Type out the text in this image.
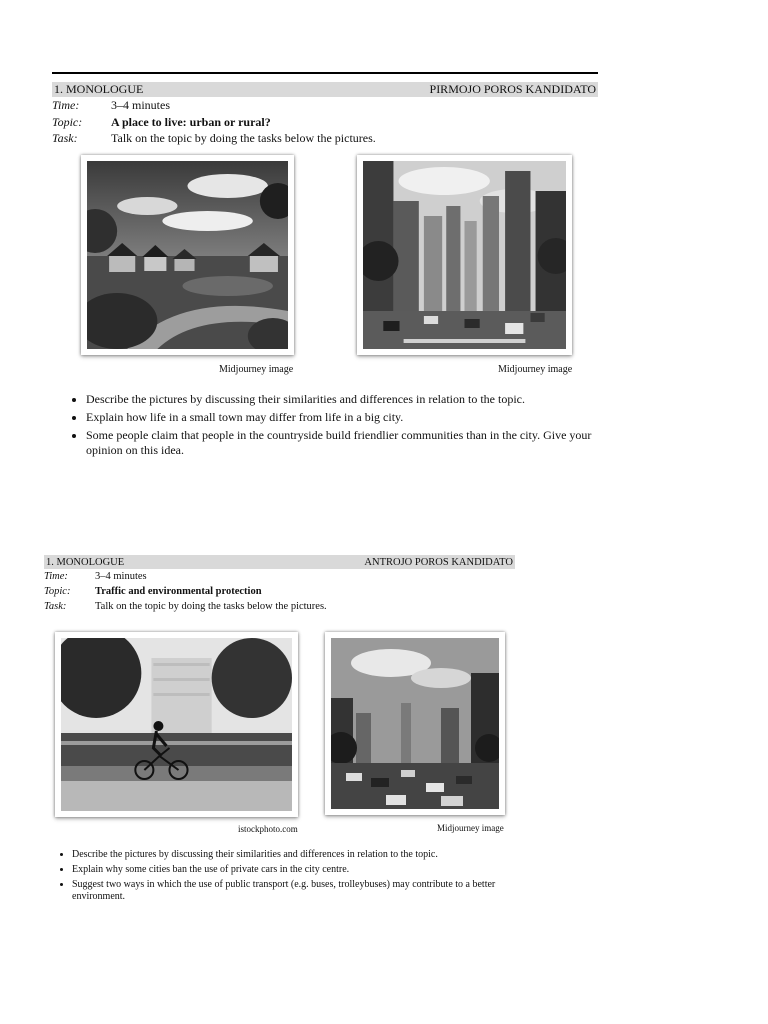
1. MONOLOGUE	PIRMOJO POROS KANDIDATO
Time:	3–4 minutes
Topic:	A place to live: urban or rural?
Task:	Talk on the topic by doing the tasks below the pictures.
Midjourney image	Midjourney image
• Describe the pictures by discussing their similarities and differences in relation to the topic.
• Explain how life in a small town may differ from life in a big city.
• Some people claim that people in the countryside build friendlier communities than in the city. Give your opinion on this idea.
1. MONOLOGUE	ANTROJO POROS KANDIDATO
Time:	3–4 minutes
Topic:	Traffic and environmental protection
Task:	Talk on the topic by doing the tasks below the pictures.
istockphoto.com	Midjourney image
• Describe the pictures by discussing their similarities and differences in relation to the topic.
• Explain why some cities ban the use of private cars in the city centre.
• Suggest two ways in which the use of public transport (e.g. buses, trolleybuses) may contribute to a better environment.
